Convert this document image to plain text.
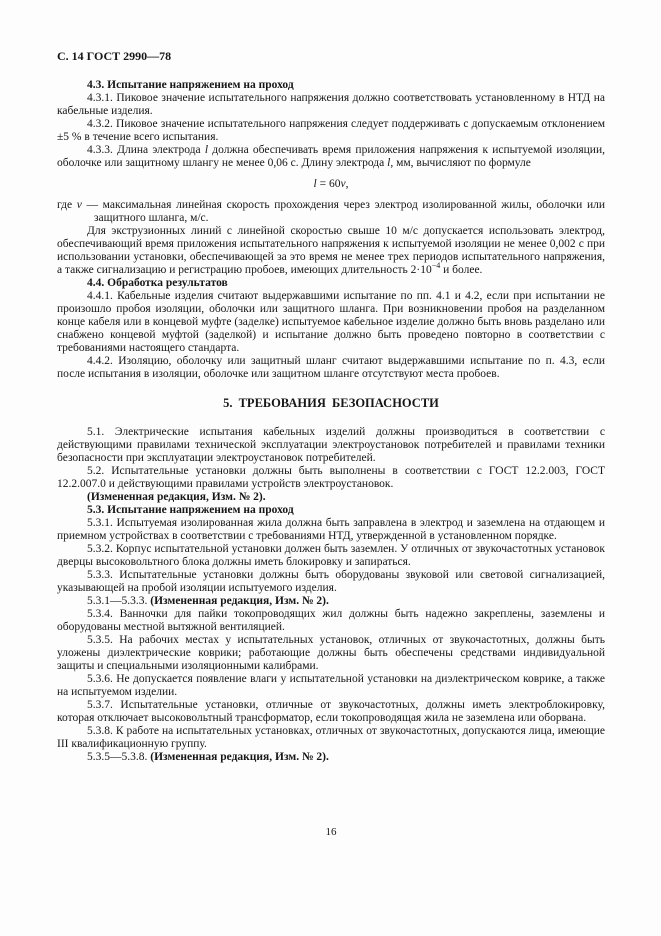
С. 14 ГОСТ 2990—78

4.3. Испытание напряжением на проход

4.3.1. Пиковое значение испытательного напряжения должно соответствовать установленному в НТД на кабельные изделия.

4.3.2. Пиковое значение испытательного напряжения следует поддерживать с допускаемым отклонением ±5 % в течение всего испытания.

4.3.3. Длина электрода l должна обеспечивать время приложения напряжения к испытуемой изоляции, оболочке или защитному шлангу не менее 0,06 с. Длину электрода l, мм, вычисляют по формуле

l = 60v,

где v — максимальная линейная скорость прохождения через электрод изолированной жилы, оболочки или защитного шланга, м/с.

Для экструзионных линий с линейной скоростью свыше 10 м/с допускается использовать электрод, обеспечивающий время приложения испытательного напряжения к испытуемой изоляции не менее 0,002 с при использовании установки, обеспечивающей за это время не менее трех периодов испытательного напряжения, а также сигнализацию и регистрацию пробоев, имеющих длительность $2\cdot 10^{-4}$ и более.

4.4. Обработка результатов

4.4.1. Кабельные изделия считают выдержавшими испытание по пп. 4.1 и 4.2, если при испытании не произошло пробоя изоляции, оболочки или защитного шланга. При возникновении пробоя на разделанном конце кабеля или в концевой муфте (заделке) испытуемое кабельное изделие должно быть вновь разделано или снабжено концевой муфтой (заделкой) и испытание должно быть проведено повторно в соответствии с требованиями настоящего стандарта.

4.4.2. Изоляцию, оболочку или защитный шланг считают выдержавшими испытание по п. 4.3, если после испытания в изоляции, оболочке или защитном шланге отсутствуют места пробоев.

5. ТРЕБОВАНИЯ БЕЗОПАСНОСТИ

5.1. Электрические испытания кабельных изделий должны производиться в соответствии с действующими правилами технической эксплуатации электроустановок потребителей и правилами техники безопасности при эксплуатации электроустановок потребителей.

5.2. Испытательные установки должны быть выполнены в соответствии с ГОСТ 12.2.003, ГОСТ 12.2.007.0 и действующими правилами устройств электроустановок.

(Измененная редакция, Изм. № 2).

5.3. Испытание напряжением на проход

5.3.1. Испытуемая изолированная жила должна быть заправлена в электрод и заземлена на отдающем и приемном устройствах в соответствии с требованиями НТД, утвержденной в установленном порядке.

5.3.2. Корпус испытательной установки должен быть заземлен. У отличных от звукочастотных установок дверцы высоковольтного блока должны иметь блокировку и запираться.

5.3.3. Испытательные установки должны быть оборудованы звуковой или световой сигнализацией, указывающей на пробой изоляции испытуемого изделия.

5.3.1—5.3.3. (Измененная редакция, Изм. № 2).

5.3.4. Ванночки для пайки токопроводящих жил должны быть надежно закреплены, заземлены и оборудованы местной вытяжной вентиляцией.

5.3.5. На рабочих местах у испытательных установок, отличных от звукочастотных, должны быть уложены диэлектрические коврики; работающие должны быть обеспечены средствами индивидуальной защиты и специальными изоляционными калибрами.

5.3.6. Не допускается появление влаги у испытательной установки на диэлектрическом коврике, а также на испытуемом изделии.

5.3.7. Испытательные установки, отличные от звукочастотных, должны иметь электроблокировку, которая отключает высоковольтный трансформатор, если токопроводящая жила не заземлена или оборвана.

5.3.8. К работе на испытательных установках, отличных от звукочастотных, допускаются лица, имеющие III квалификационную группу.

5.3.5—5.3.8. (Измененная редакция, Изм. № 2).

16
